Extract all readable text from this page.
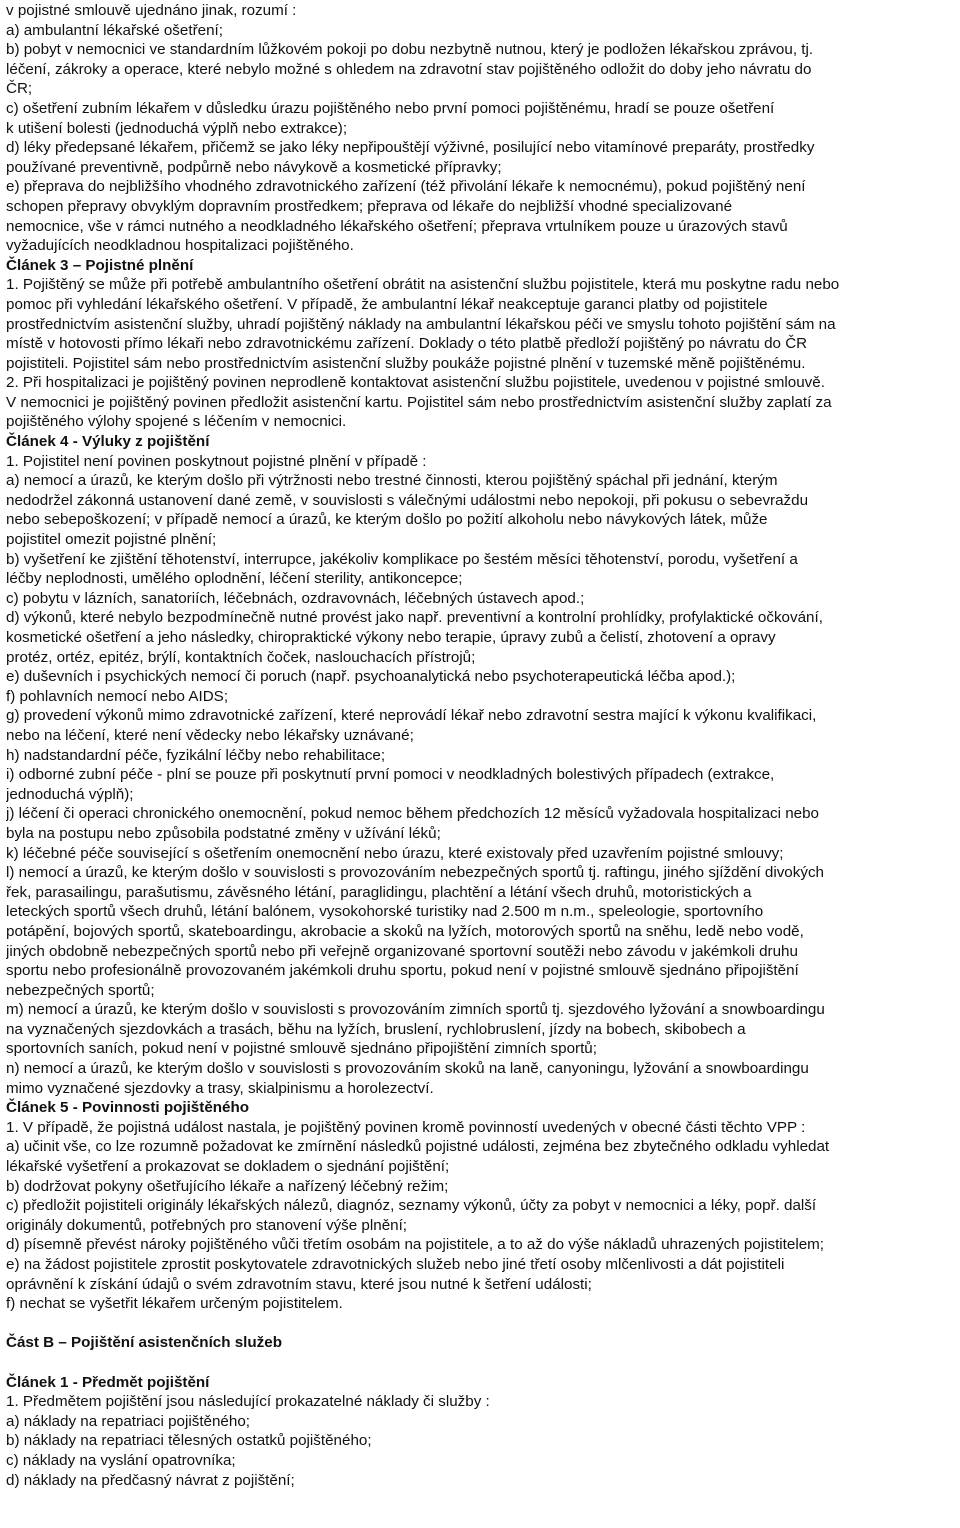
v pojistné smlouvě ujednáno jinak, rozumí :
a) ambulantní lékařské ošetření;
b) pobyt v nemocnici ve standardním lůžkovém pokoji po dobu nezbytně nutnou, který je podložen lékařskou zprávou, tj.
léčení, zákroky a operace, které nebylo možné s ohledem na zdravotní stav pojištěného odložit do doby jeho návratu do
ČR;
c) ošetření zubním lékařem v důsledku úrazu pojištěného nebo první pomoci pojištěnému, hradí se pouze ošetření
k utišení bolesti (jednoduchá výplň nebo extrakce);
d) léky předepsané lékařem, přičemž se jako léky nepřipouštějí výživné, posilující nebo vitamínové preparáty, prostředky
používané preventivně, podpůrně nebo návykově a kosmetické přípravky;
e) přeprava do nejbližšího vhodného zdravotnického zařízení (též přivolání lékaře k nemocnému), pokud pojištěný není
schopen přepravy obvyklým dopravním prostředkem; přeprava od lékaře do nejbližší vhodné specializované
nemocnice, vše v rámci nutného a neodkladného lékařského ošetření; přeprava vrtulníkem pouze u úrazových stavů
vyžadujících neodkladnou hospitalizaci pojištěného.
Článek 3 – Pojistné plnění
1. Pojištěný se může při potřebě ambulantního ošetření obrátit na asistenční službu pojistitele, která mu poskytne radu nebo
pomoc při vyhledání lékařského ošetření. V případě, že ambulantní lékař neakceptuje garanci platby od pojistitele
prostřednictvím asistenční služby, uhradí pojištěný náklady na ambulantní lékařskou péči ve smyslu tohoto pojištění sám na
místě v hotovosti přímo lékaři nebo zdravotnickému zařízení. Doklady o této platbě předloží pojištěný po návratu do ČR
pojistiteli. Pojistitel sám nebo prostřednictvím asistenční služby poukáže pojistné plnění v tuzemské měně pojištěnému.
2. Při hospitalizaci je pojištěný povinen neprodleně kontaktovat asistenční službu pojistitele, uvedenou v pojistné smlouvě.
V nemocnici je pojištěný povinen předložit asistenční kartu. Pojistitel sám nebo prostřednictvím asistenční služby zaplatí za
pojištěného výlohy spojené s léčením v nemocnici.
Článek 4 - Výluky z pojištění
1. Pojistitel není povinen poskytnout pojistné plnění v případě :
a) nemocí a úrazů, ke kterým došlo při výtržnosti nebo trestné činnosti, kterou pojištěný spáchal při jednání, kterým
nedodržel zákonná ustanovení dané země, v souvislosti s válečnými událostmi nebo nepokoji, při pokusu o sebevraždu
nebo sebepoškození; v případě nemocí a úrazů, ke kterým došlo po požití alkoholu nebo návykových látek, může
pojistitel omezit pojistné plnění;
b) vyšetření ke zjištění těhotenství, interrupce, jakékoliv komplikace po šestém měsíci těhotenství, porodu, vyšetření a
léčby neplodnosti, umělého oplodnění, léčení sterility, antikoncepce;
c) pobytu v lázních, sanatoriích, léčebnách, ozdravovnách, léčebných ústavech apod.;
d) výkonů, které nebylo bezpodmínečně nutné provést jako např. preventivní a kontrolní prohlídky, profylaktické očkování,
kosmetické ošetření a jeho následky, chiropraktické výkony nebo terapie, úpravy zubů a čelistí, zhotovení a opravy
protéz, ortéz, epitéz, brýlí, kontaktních čoček, naslouchacích přístrojů;
e) duševních i psychických nemocí či poruch (např. psychoanalytická nebo psychoterapeutická léčba apod.);
f) pohlavních nemocí nebo AIDS;
g) provedení výkonů mimo zdravotnické zařízení, které neprovádí lékař nebo zdravotní sestra mající k výkonu kvalifikaci,
nebo na léčení, které není vědecky nebo lékařsky uznávané;
h) nadstandardní péče, fyzikální léčby nebo rehabilitace;
i) odborné zubní péče - plní se pouze při poskytnutí první pomoci v neodkladných bolestivých případech (extrakce,
jednoduchá výplň);
j) léčení či operaci chronického onemocnění, pokud nemoc během předchozích 12 měsíců vyžadovala hospitalizaci nebo
byla na postupu nebo způsobila podstatné změny v užívání léků;
k) léčebné péče související s ošetřením onemocnění nebo úrazu, které existovaly před uzavřením pojistné smlouvy;
l) nemocí a úrazů, ke kterým došlo v souvislosti s provozováním nebezpečných sportů tj. raftingu, jiného sjíždění divokých
řek, parasailingu, parašutismu, závěsného létání, paraglidingu, plachtění a létání všech druhů, motoristických a
leteckých sportů všech druhů, létání balónem, vysokohorské turistiky nad 2.500 m n.m., speleologie, sportovního
potápění, bojových sportů, skateboardingu, akrobacie a skoků na lyžích, motorových sportů na sněhu, ledě nebo vodě,
jiných obdobně nebezpečných sportů nebo při veřejně organizované sportovní soutěži nebo závodu v jakémkoli druhu
sportu nebo profesionálně provozovaném jakémkoli druhu sportu, pokud není v pojistné smlouvě sjednáno připojištění
nebezpečných sportů;
m) nemocí a úrazů, ke kterým došlo v souvislosti s provozováním zimních sportů tj. sjezdového lyžování a snowboardingu
na vyznačených sjezdovkách a trasách, běhu na lyžích, bruslení, rychlobruslení, jízdy na bobech, skibobech a
sportovních saních, pokud není v pojistné smlouvě sjednáno připojištění zimních sportů;
n) nemocí a úrazů, ke kterým došlo v souvislosti s provozováním skoků na laně, canyoningu, lyžování a snowboardingu
mimo vyznačené sjezdovky a trasy, skialpinismu a horolezectví.
Článek 5 - Povinnosti pojištěného
1. V případě, že pojistná událost nastala, je pojištěný povinen kromě povinností uvedených v obecné části těchto VPP :
a) učinit vše, co lze rozumně požadovat ke zmírnění následků pojistné události, zejména bez zbytečného odkladu vyhledat
lékařské vyšetření a prokazovat se dokladem o sjednání pojištění;
b) dodržovat pokyny ošetřujícího lékaře a nařízený léčebný režim;
c) předložit pojistiteli originály lékařských nálezů, diagnóz, seznamy výkonů, účty za pobyt v nemocnici a léky, popř. další
originály dokumentů, potřebných pro stanovení výše plnění;
d) písemně převést nároky pojištěného vůči třetím osobám na pojistitele, a to až do výše nákladů uhrazených pojistitelem;
e) na žádost pojistitele zprostit poskytovatele zdravotnických služeb nebo jiné třetí osoby mlčenlivosti a dát pojistiteli
oprávnění k získání údajů o svém zdravotním stavu, které jsou nutné k šetření události;
f) nechat se vyšetřit lékařem určeným pojistitelem.
Část B – Pojištění asistenčních služeb
Článek 1 - Předmět pojištění
1. Předmětem pojištění jsou následující prokazatelné náklady či služby :
a) náklady na repatriaci pojištěného;
b) náklady na repatriaci tělesných ostatků pojištěného;
c) náklady na vyslání opatrovníka;
d) náklady na předčasný návrat z pojištění;
